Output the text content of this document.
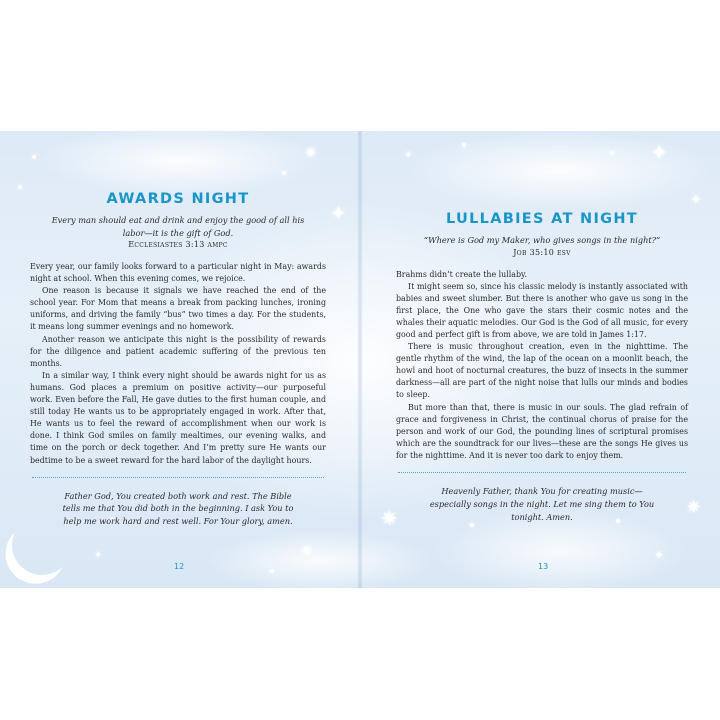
✦
✦
✦
✷
✷
✷
✷
✦
✦	✦
AWARDS NIGHT

Every man should eat and drink and enjoy the good of all his labor—it is the gift of God.

Ecclesiastes 3:13 ampc

Every year, our family looks forward to a particular night in May: awards night at school. When this evening comes, we rejoice.

One reason is because it signals we have reached the end of the school year. For Mom that means a break from packing lunches, ironing uniforms, and driving the family “bus” two times a day. For the students, it means long summer evenings and no homework.

Another reason we anticipate this night is the possibility of rewards for the diligence and patient academic suffering of the previous ten months.

In a similar way, I think every night should be awards night for us as humans. God places a premium on positive activity—our purposeful work. Even before the Fall, He gave duties to the first human couple, and still today He wants us to be appropriately engaged in work. After that, He wants us to feel the reward of accomplishment when our work is done. I think God smiles on family mealtimes, our evening walks, and time on the porch or deck together. And I’m pretty sure He wants our bedtime to be a sweet reward for the hard labor of the daylight hours.

Father God, You created both work and rest. The Bible tells me that You did both in the beginning. I ask You to help me work hard and rest well. For Your glory, amen.

12
LULLABIES AT NIGHT

“Where is God my Maker, who gives songs in the night?”

Job 35:10 esv

Brahms didn’t create the lullaby.

It might seem so, since his classic melody is instantly associated with babies and sweet slumber. But there is another who gave us song in the first place, the One who gave the stars their cosmic notes and the whales their aquatic melodies. Our God is the God of all music, for every good and perfect gift is from above, we are told in James 1:17.

There is music throughout creation, even in the nighttime. The gentle rhythm of the wind, the lap of the ocean on a moonlit beach, the howl and hoot of nocturnal creatures, the buzz of insects in the summer darkness—all are part of the night noise that lulls our minds and bodies to sleep.

But more than that, there is music in our souls. The glad refrain of grace and forgiveness in Christ, the continual chorus of praise for the person and work of our God, the pounding lines of scriptural promises which are the soundtrack for our lives—these are the songs He gives us for the nighttime. And it is never too dark to enjoy them.

Heavenly Father, thank You for creating music—especially songs in the night. Let me sing them to You tonight. Amen.

13
